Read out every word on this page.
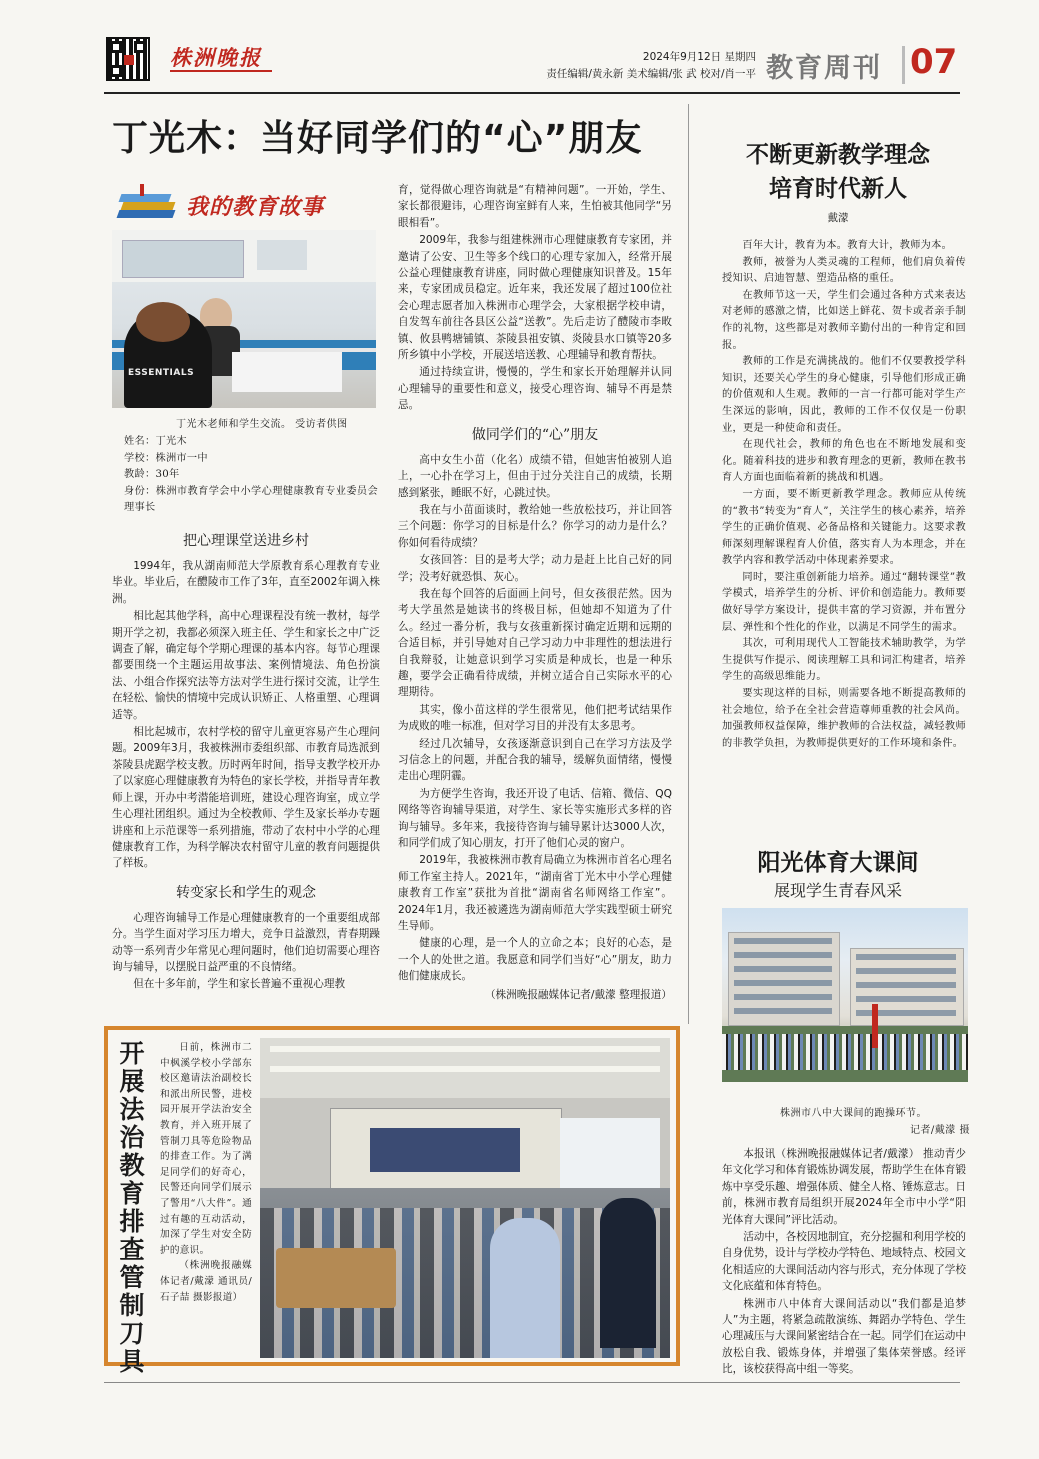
株洲晚报	2024年9月12日 星期四
责任编辑/黄永新 美术编辑/张 武 校对/肖一平 教育周刊 07
丁光木：当好同学们的“心”朋友
我的教育故事
ESSENTIALS
丁光木老师和学生交流。 受访者供图
姓名：丁光木
学校：株洲市一中
教龄：30年
身份：株洲市教育学会中小学心理健康教育专业委员会理事长
把心理课堂送进乡村

1994年，我从湖南师范大学原教育系心理教育专业毕业。毕业后，在醴陵市工作了3年，直至2002年调入株洲。

相比起其他学科，高中心理课程没有统一教材，每学期开学之初，我都必须深入班主任、学生和家长之中广泛调查了解，确定每个学期心理课的基本内容。每节心理课都要围绕一个主题运用故事法、案例情境法、角色扮演法、小组合作探究法等方法对学生进行探讨交流，让学生在轻松、愉快的情境中完成认识矫正、人格重塑、心理调适等。

相比起城市，农村学校的留守儿童更容易产生心理问题。2009年3月，我被株洲市委组织部、市教育局选派到茶陵县虎踞学校支教。历时两年时间，指导支教学校开办了以家庭心理健康教育为特色的家长学校，并指导青年教师上课，开办中考潜能培训班，建设心理咨询室，成立学生心理社团组织。通过为全校教师、学生及家长举办专题讲座和上示范课等一系列措施，带动了农村中小学的心理健康教育工作，为科学解决农村留守儿童的教育问题提供了样板。

转变家长和学生的观念

心理咨询辅导工作是心理健康教育的一个重要组成部分。当学生面对学习压力增大，竞争日益激烈，青春期躁动等一系列青少年常见心理问题时，他们迫切需要心理咨询与辅导，以摆脱日益严重的不良情绪。

但在十多年前，学生和家长普遍不重视心理教

育，觉得做心理咨询就是“有精神问题”。一开始，学生、家长都很避讳，心理咨询室鲜有人来，生怕被其他同学“另眼相看”。

2009年，我参与组建株洲市心理健康教育专家团，并邀请了公安、卫生等多个线口的心理专家加入，经常开展公益心理健康教育讲座，同时做心理健康知识普及。15年来，专家团成员稳定。近年来，我还发展了超过100位社会心理志愿者加入株洲市心理学会，大家根据学校申请，自发驾车前往各县区公益“送教”。先后走访了醴陵市李畋镇、攸县鸭塘铺镇、茶陵县祖安镇、炎陵县水口镇等20多所乡镇中小学校，开展送培送教、心理辅导和教育帮扶。

通过持续宣讲，慢慢的，学生和家长开始理解并认同心理辅导的重要性和意义，接受心理咨询、辅导不再是禁忌。

做同学们的“心”朋友

高中女生小苗（化名）成绩不错，但她害怕被别人追上，一心扑在学习上，但由于过分关注自己的成绩，长期感到紧张，睡眠不好，心跳过快。

我在与小苗面谈时，教给她一些放松技巧，并让回答三个问题：你学习的目标是什么？你学习的动力是什么？你如何看待成绩？

女孩回答：目的是考大学；动力是赶上比自己好的同学；没考好就恐惧、灰心。

我在每个回答的后面画上问号，但女孩很茫然。因为考大学虽然是她读书的终极目标，但她却不知道为了什么。经过一番分析，我与女孩重新探讨确定近期和远期的合适目标，并引导她对自己学习动力中非理性的想法进行自我辩驳，让她意识到学习实质是种成长，也是一种乐趣，要学会正确看待成绩，并树立适合自己实际水平的心理期待。

其实，像小苗这样的学生很常见，他们把考试结果作为成败的唯一标准，但对学习目的并没有太多思考。

经过几次辅导，女孩逐渐意识到自己在学习方法及学习信念上的问题，并配合我的辅导，缓解负面情绪，慢慢走出心理阴霾。

为方便学生咨询，我还开设了电话、信箱、微信、QQ网络等咨询辅导渠道，对学生、家长等实施形式多样的咨询与辅导。多年来，我接待咨询与辅导累计达3000人次，和同学们成了知心朋友，打开了他们心灵的窗户。

2019年，我被株洲市教育局确立为株洲市首名心理名师工作室主持人。2021年，“湖南省丁光木中小学心理健康教育工作室”获批为首批“湖南省名师网络工作室”。2024年1月，我还被遴选为湖南师范大学实践型硕士研究生导师。

健康的心理，是一个人的立命之本；良好的心态，是一个人的处世之道。我愿意和同学们当好“心”朋友，助力他们健康成长。

（株洲晚报融媒体记者/戴濛 整理报道）
不断更新教学理念
培育时代新人
戴濛

百年大计，教育为本。教育大计，教师为本。

教师，被誉为人类灵魂的工程师，他们肩负着传授知识、启迪智慧、塑造品格的重任。

在教师节这一天，学生们会通过各种方式来表达对老师的感激之情，比如送上鲜花、贺卡或者亲手制作的礼物，这些都是对教师辛勤付出的一种肯定和回报。

教师的工作是充满挑战的。他们不仅要教授学科知识，还要关心学生的身心健康，引导他们形成正确的价值观和人生观。教师的一言一行都可能对学生产生深远的影响，因此，教师的工作不仅仅是一份职业，更是一种使命和责任。

在现代社会，教师的角色也在不断地发展和变化。随着科技的进步和教育理念的更新，教师在教书育人方面也面临着新的挑战和机遇。

一方面，要不断更新教学理念。教师应从传统的“教书”转变为“育人”，关注学生的核心素养，培养学生的正确价值观、必备品格和关键能力。这要求教师深刻理解课程育人价值，落实育人为本理念，并在教学内容和教学活动中体现素养要求。

同时，要注重创新能力培养。通过“翻转课堂”教学模式，培养学生的分析、评价和创造能力。教师要做好导学方案设计，提供丰富的学习资源，并布置分层、弹性和个性化的作业，以满足不同学生的需求。

其次，可利用现代人工智能技术辅助教学，为学生提供写作提示、阅读理解工具和词汇构建者，培养学生的高级思维能力。

要实现这样的目标，则需要各地不断提高教师的社会地位，给予在全社会营造尊师重教的社会风尚。加强教师权益保障，维护教师的合法权益，减轻教师的非教学负担，为教师提供更好的工作环境和条件。

阳光体育大课间
展现学生青春风采
株洲市八中大课间的跑操环节。
记者/戴濛 摄

本报讯（株洲晚报融媒体记者/戴濛） 推动青少年文化学习和体育锻炼协调发展，帮助学生在体育锻炼中享受乐趣、增强体质、健全人格、锤炼意志。日前，株洲市教育局组织开展2024年全市中小学“阳光体育大课间”评比活动。

活动中，各校因地制宜，充分挖掘和利用学校的自身优势，设计与学校办学特色、地域特点、校园文化相适应的大课间活动内容与形式，充分体现了学校文化底蕴和体育特色。

株洲市八中体育大课间活动以“我们都是追梦人”为主题，将紧急疏散演练、舞蹈办学特色、学生心理减压与大课间紧密结合在一起。同学们在运动中放松自我、锻炼身体，并增强了集体荣誉感。经评比，该校获得高中组一等奖。

开展法治教育 排查管制刀具

日前，株洲市二中枫溪学校小学部东校区邀请法治副校长和派出所民警，进校园开展开学法治安全教育，并入班开展了管制刀具等危险物品的排查工作。为了满足同学们的好奇心，民警还向同学们展示了警用“八大件”。通过有趣的互动活动，加深了学生对安全防护的意识。

（株洲晚报融媒体记者/戴濛 通讯员/石子喆 摄影报道）
